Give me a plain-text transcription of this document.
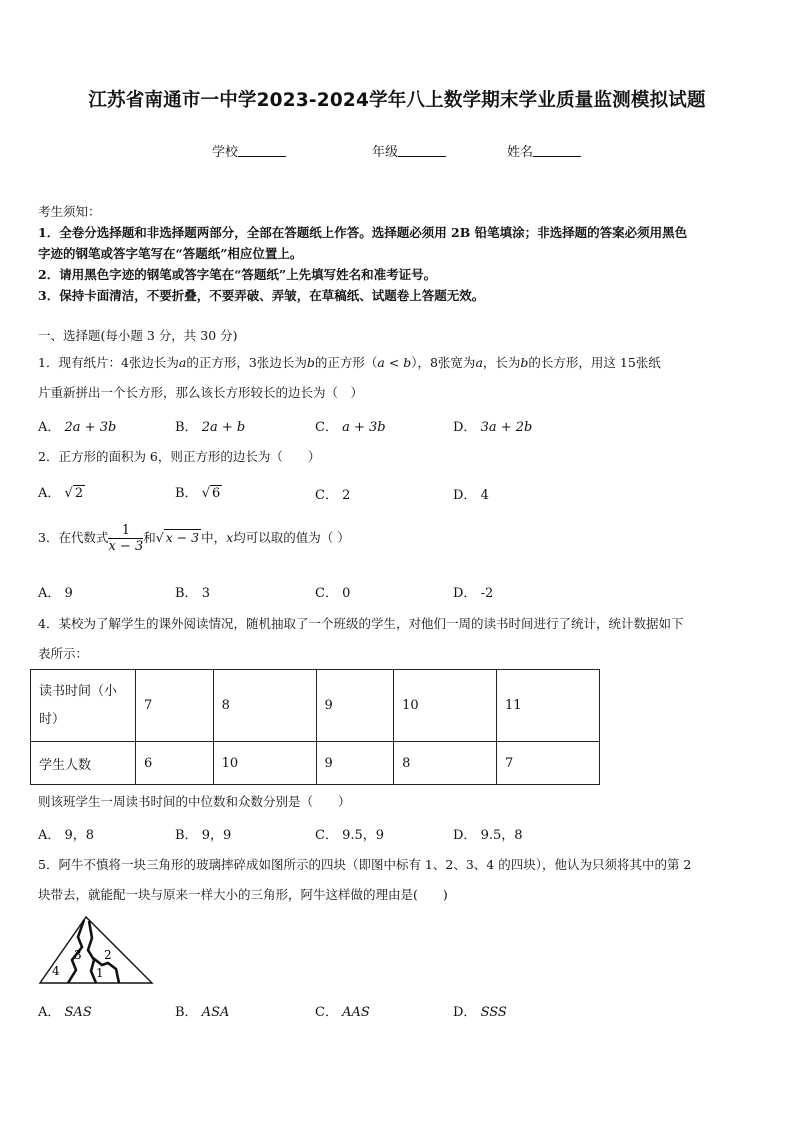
江苏省南通市一中学2023-2024学年八上数学期末学业质量监测模拟试题
学校	年级	姓名
考生须知：
1．全卷分选择题和非选择题两部分，全部在答题纸上作答。选择题必须用 2B 铅笔填涂；非选择题的答案必须用黑色
字迹的钢笔或答字笔写在“答题纸”相应位置上。
2．请用黑色字迹的钢笔或答字笔在“答题纸”上先填写姓名和准考证号。
3．保持卡面清洁，不要折叠，不要弄破、弄皱，在草稿纸、试题卷上答题无效。
一、选择题(每小题 3 分，共 30 分)
1．现有纸片：4张边长为a的正方形，3张边长为b的正方形（a < b），8张宽为a，长为b的长方形，用这 15张纸
片重新拼出一个长方形，那么该长方形较长的边长为（　）
A． 2a + 3b	B． 2a + b	C． a + 3b	D． 3a + 2b
2．正方形的面积为 6，则正方形的边长为（　　）
A． √ 2	B． √ 6	C． 2	D． 4
3．在代数式 $\frac{1}{x - 3}$ 和√ x − 3 中，x均可以取的值为（ ）
A． 9	B． 3	C． 0	D． -2
4．某校为了解学生的课外阅读情况，随机抽取了一个班级的学生，对他们一周的读书时间进行了统计，统计数据如下
表所示：
读书时间（小时）	7	8	9	10	11
学生人数	6	10	9	8	7
则该班学生一周读书时间的中位数和众数分别是（　　）
A． 9，8	B． 9，9	C． 9.5，9	D． 9.5，8
5．阿牛不慎将一块三角形的玻璃摔碎成如图所示的四块（即图中标有 1、2、3、4 的四块），他认为只须将其中的第 2
块带去，就能配一块与原来一样大小的三角形，阿牛这样做的理由是(　　)
4
3 2
1
A． SAS	B． ASA	C． AAS	D． SSS
